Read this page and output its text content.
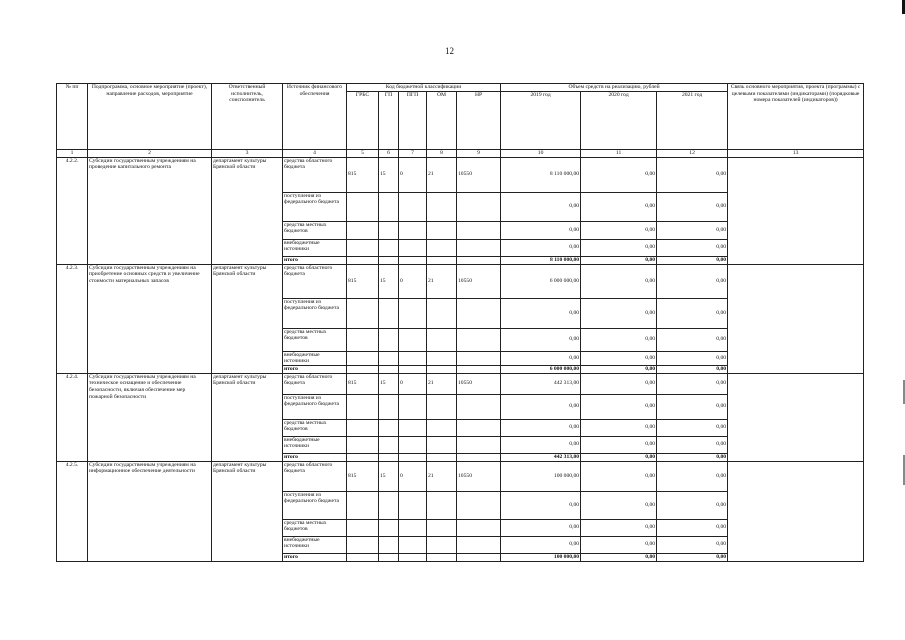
12
№ пп	Подпрограмма, основное мероприятие (проект), направление расходов, мероприятие	Ответственный исполнитель, соисполнитель	Источник финансового обеспечения	Код бюджетной классификации					Объем средств на реализацию, рублей			Связь основного мероприятия, проекта (программы) с целевыми показателями (индикаторами) (порядковые номера показателей (индикаторов))
				ГРБС	ГП	ПГП	ОМ	НР	2019 год	2020 год	2021 год	
1	2	3	4	5	6	7	8	9	10	11	12	13
4.2.2.	Субсидии государственным учреждениям на проведение капитального ремонта	департамент культуры Брянской области	средства областного бюджета	815	15	0	21	10550	8 110 000,00	0,00	0,00	
			поступления из федерального бюджета						0,00	0,00	0,00	
			средства местных бюджетов						0,00	0,00	0,00	
			внебюджетные источники						0,00	0,00	0,00	
			итого						8 110 000,00	0,00	0,00	
4.2.3.	Субсидии государственным учреждениям на приобретение основных средств и увеличение стоимости материальных запасов	департамент культуры Брянской области	средства областного бюджета	815	15	0	21	10550	6 000 000,00	0,00	0,00	
			поступления из федерального бюджета						0,00	0,00	0,00	
			средства местных бюджетов						0,00	0,00	0,00	
			внебюджетные источники						0,00	0,00	0,00	
			итого						6 000 000,00	0,00	0,00	
4.2.4.	Субсидии государственным учреждениям на техническое оснащение и обеспечение безопасности, включая обеспечение мер пожарной безопасности	департамент культуры Брянской области	средства областного бюджета	815	15	0	21	10550	442 313,00	0,00	0,00	
			поступления из федерального бюджета						0,00	0,00	0,00	
			средства местных бюджетов						0,00	0,00	0,00	
			внебюджетные источники						0,00	0,00	0,00	
			итого						442 313,00	0,00	0,00	
4.2.5.	Субсидии государственным учреждениям на информационное обеспечение деятельности	департамент культуры Брянской области	средства областного бюджета	815	15	0	21	10550	100 000,00	0,00	0,00	
			поступления из федерального бюджета						0,00	0,00	0,00	
			средства местных бюджетов						0,00	0,00	0,00	
			внебюджетные источники						0,00	0,00	0,00	
			итого						100 000,00	0,00	0,00	
